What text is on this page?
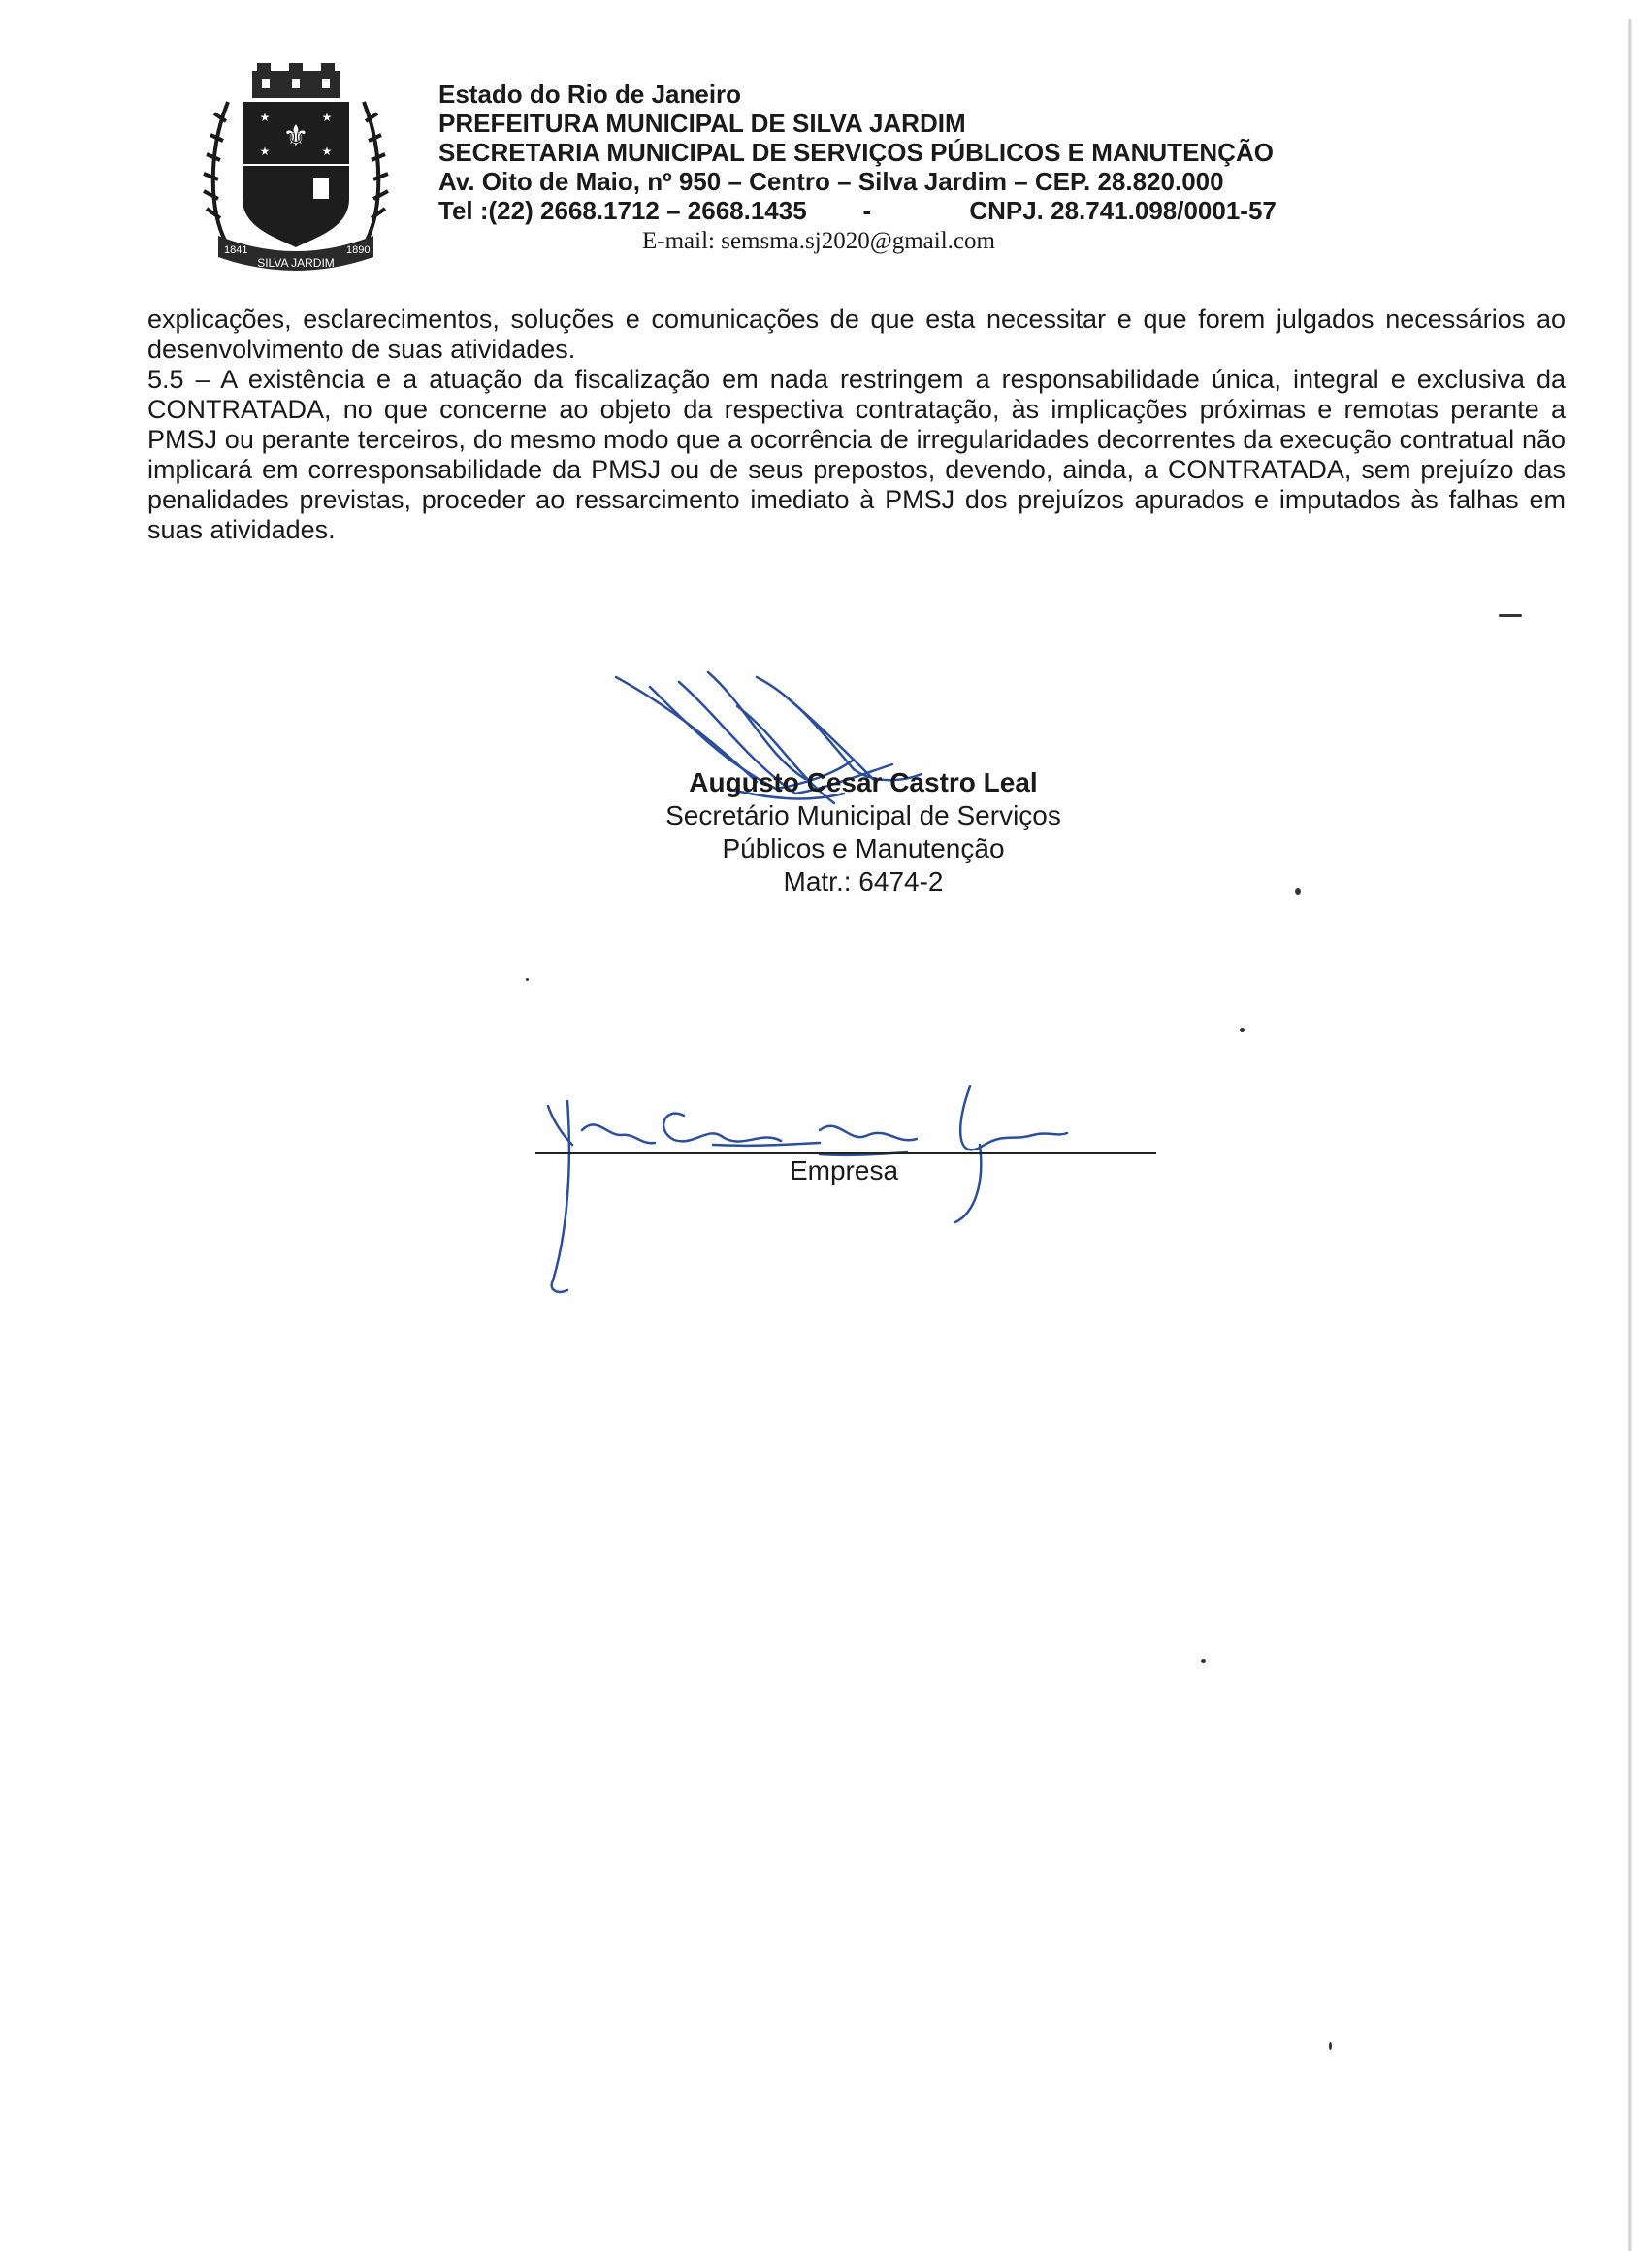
⚜
★	★
★	★
1841	1890
SILVA JARDIM
Estado do Rio de Janeiro
PREFEITURA MUNICIPAL DE SILVA JARDIM
SECRETARIA MUNICIPAL DE SERVIÇOS PÚBLICOS E MANUTENÇÃO
Av. Oito de Maio, nº 950 – Centro – Silva Jardim – CEP. 28.820.000
Tel :(22) 2668.1712 – 2668.1435 -	CNPJ. 28.741.098/0001-57
E-mail: semsma.sj2020@gmail.com

explicações, esclarecimentos, soluções e comunicações de que esta necessitar e que forem julgados necessários ao desenvolvimento de suas atividades.

5.5 – A existência e a atuação da fiscalização em nada restringem a responsabilidade única, integral e exclusiva da CONTRATADA, no que concerne ao objeto da respectiva contratação, às implicações próximas e remotas perante a PMSJ ou perante terceiros, do mesmo modo que a ocorrência de irregularidades decorrentes da execução contratual não implicará em corresponsabilidade da PMSJ ou de seus prepostos, devendo, ainda, a CONTRATADA, sem prejuízo das penalidades previstas, proceder ao ressarcimento imediato à PMSJ dos prejuízos apurados e imputados às falhas em suas atividades.

Augusto Cesar Castro Leal
Secretário Municipal de Serviços
Públicos e Manutenção
Matr.: 6474-2
Empresa
